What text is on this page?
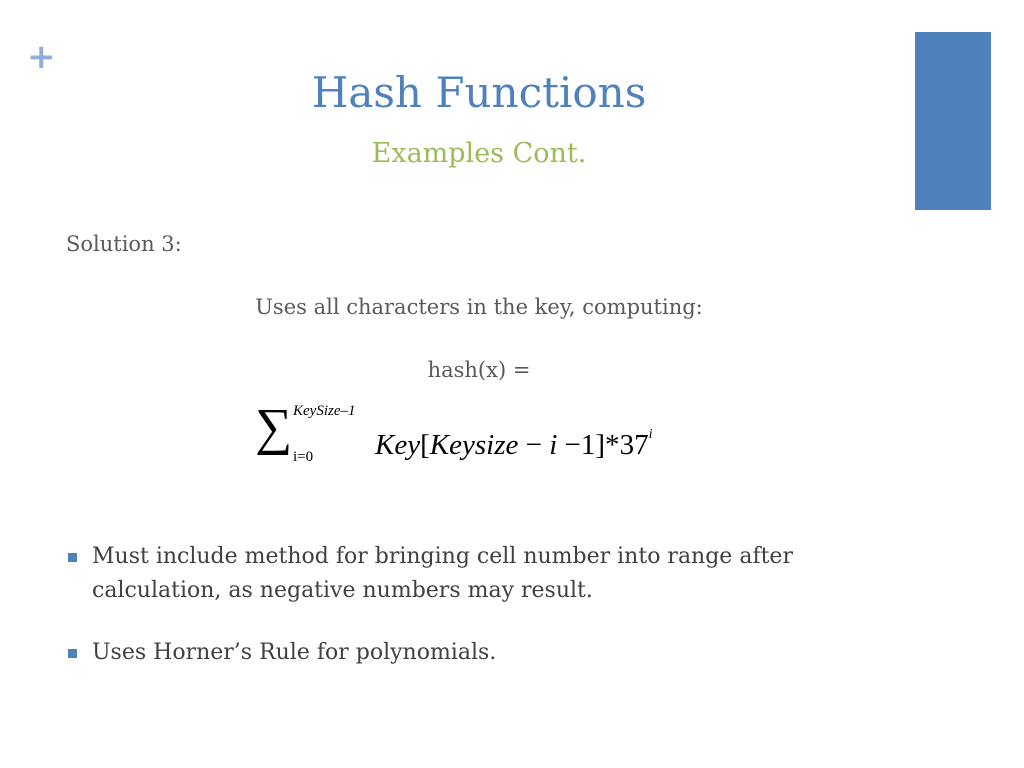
+
Hash Functions
Examples Cont.
Solution 3:
Uses all characters in the key, computing:
hash(x) =
∑ KeySize–1
i=0 Key[Keysize − $i -1]*37^i$
Must include method for bringing cell number into range after calculation, as negative numbers may result.
Uses Horner’s Rule for polynomials.
